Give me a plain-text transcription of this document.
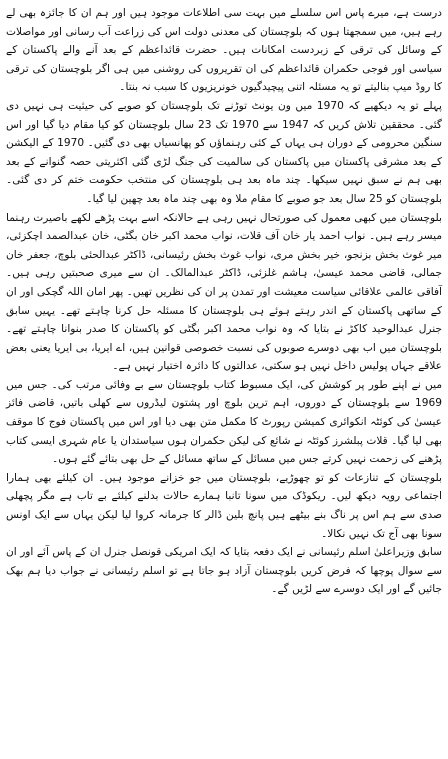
درست ہے، میرے پاس اس سلسلے میں بہت سی اطلاعات موجود ہیں اور ہم ان کا جائزہ بھی لے رہے ہیں، میں سمجھتا ہوں کہ بلوچستان کی معدنی دولت اس کی زراعت آب رسانی اور مواصلات کے وسائل کی ترقی کے زبردست امکانات ہیں۔ حضرت قائداعظم کے بعد آنے والے پاکستان کے سیاسی اور فوجی حکمران قائداعظم کی ان تقریروں کی روشنی میں ہی اگر بلوچستان کی ترقی کا روڈ میپ بنالیتے تو یہ مسئلہ اتنی پیچیدگیوں خونریزیوں کا سبب نہ بنتا۔

پہلے تو یہ دیکھیے کہ 1970 میں ون یونٹ توڑنے تک بلوچستان کو صوبے کی حیثیت ہی نہیں دی گئی۔ محققین تلاش کریں کہ 1947 سے 1970 تک 23 سال بلوچستان کو کیا مقام دیا گیا اور اس سنگین محرومی کے دوران ہی یہاں کے کئی رہنماؤں کو پھانسیاں بھی دی گئیں۔ 1970 کے الیکشن کے بعد مشرقی پاکستان میں پاکستان کی سالمیت کی جنگ لڑی گئی اکثریتی حصہ گنوانے کے بعد بھی ہم نے سبق نہیں سیکھا۔ چند ماہ بعد ہی بلوچستان کی منتخب حکومت ختم کر دی گئی۔ بلوچستان کو 25 سال بعد جو صوبے کا مقام ملا وہ بھی چند ماہ بعد چھین لیا گیا۔

بلوچستان میں کبھی معمول کی صورتحال نہیں رہی ہے حالانکہ اسے بہت پڑھے لکھے باصیرت رہنما میسر رہے ہیں۔ نواب احمد یار خان آف قلات، نواب محمد اکبر خان بگٹی، خان عبدالصمد اچکزئی، میر غوث بخش بزنجو، خیر بخش مری، نواب غوث بخش رئیسانی، ڈاکٹر عبدالحئی بلوچ، جعفر خان جمالی، قاضی محمد عیسیٰ، ہاشم غلزئی، ڈاکٹر عبدالمالک۔ ان سے میری صحبتیں رہی ہیں۔ آفاقی عالمی علاقائی سیاست معیشت اور تمدن پر ان کی نظریں تھیں۔ پھر امان اللہ گچکی اور ان کے ساتھی پاکستان کے اندر رہتے ہوئے ہی بلوچستان کا مسئلہ حل کرنا چاہتے تھے۔ یہیں سابق جنرل عبدالوحید کاکڑ نے بتایا کہ وہ نواب محمد اکبر بگٹی کو پاکستان کا صدر بنوانا چاہتے تھے۔ بلوچستان میں اب بھی دوسرے صوبوں کی نسبت خصوصی قوانین ہیں، اے ایریا، بی ایریا یعنی بعض علاقے جہاں پولیس داخل نہیں ہو سکتی، عدالتوں کا دائرہ اختیار نہیں ہے۔

میں نے اپنے طور پر کوشش کی، ایک مسبوط کتاب بلوچستان سے بے وفائی مرتب کی۔ جس میں 1969 سے بلوچستان کے دوروں، اہم ترین بلوچ اور پشتون لیڈروں سے کھلی باتیں، قاضی فائز عیسیٰ کی کوئٹہ انکوائری کمیشن رپورٹ کا مکمل متن بھی دیا اور اس میں پاکستان فوج کا موقف بھی لیا گیا۔ قلات پبلشرز کوئٹہ نے شائع کی لیکن حکمران ہوں سیاستدان یا عام شہری ایسی کتاب پڑھنے کی زحمت نہیں کرتے جس میں مسائل کے ساتھ مسائل کے حل بھی بتائے گئے ہوں۔

بلوچستان کے تنازعات کو تو چھوڑیے، بلوچستان میں جو خزانے موجود ہیں۔ ان کیلئے بھی ہمارا اجتماعی رویہ دیکھ لیں۔ ریکوڈک میں سونا تانبا ہمارے حالات بدلنے کیلئے بے تاب ہے مگر پچھلی صدی سے ہم اس پر ناگ بنے بیٹھے ہیں پانچ بلین ڈالر کا جرمانہ کروا لیا لیکن یہاں سے ایک اونس سونا بھی آج تک نہیں نکالا۔

سابق وزیراعلیٰ اسلم رئیسانی نے ایک دفعہ بتایا کہ ایک امریکی قونصل جنرل ان کے پاس آئے اور ان سے سوال پوچھا کہ فرض کریں بلوچستان آزاد ہو جاتا ہے تو اسلم رئیسانی نے جواب دیا ہم بھک جائیں گے اور ایک دوسرے سے لڑیں گے۔
